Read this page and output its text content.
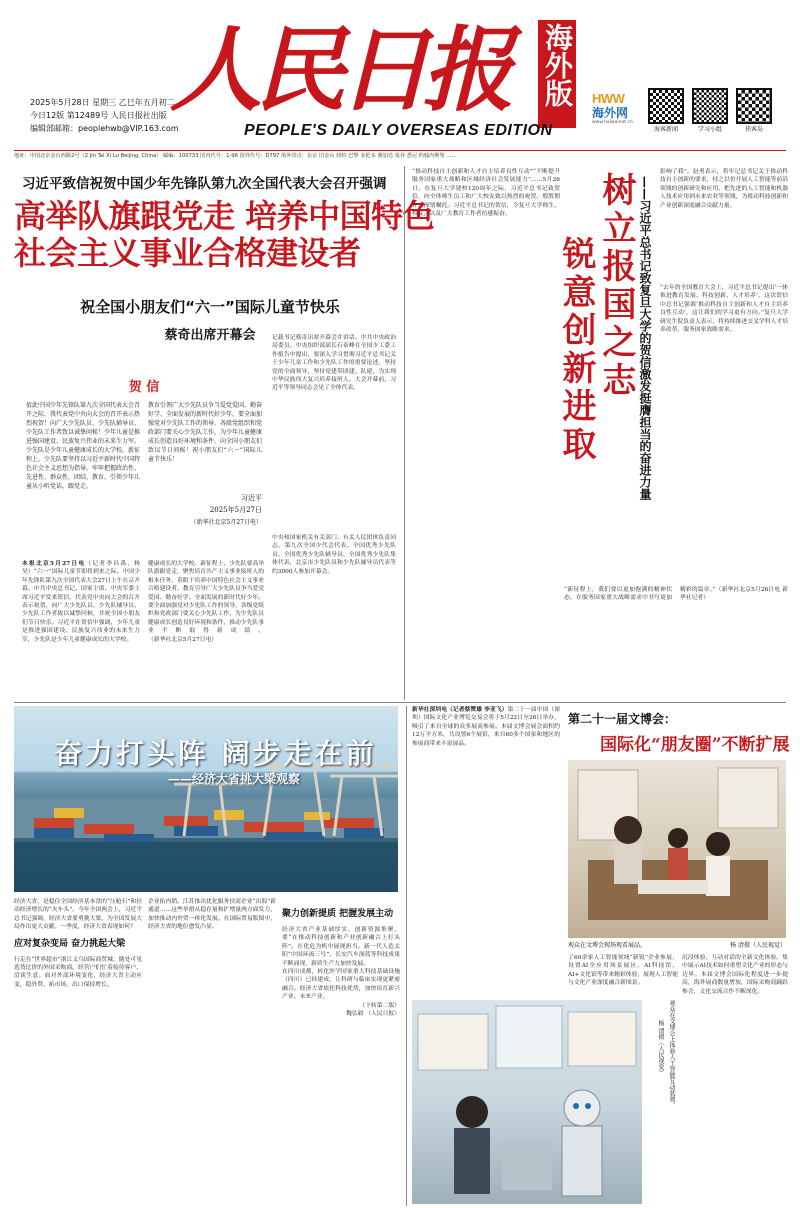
2025年5月28日 星期三 乙巳年五月初二
今日12版 第12489号 人民日报社出版
编辑部邮箱：peoplehwb@VIP.163.com
人民日报 海外版
PEOPLE'S DAILY OVERSEAS EDITION
HWW
海外网
www.haiwainet.cn
海客新闻	学习小组	侠客岛
地址：中国北京金台西路2号（2 Jin Tai Xi Lu Beijing, China） 邮编：100733 国内代号：1-96 国外代号：D797 境外印点：东京 旧金山 纽约 巴黎 多伦多 雅加达 曼谷 悉尼 约翰内斯堡 ……
习近平致信祝贺中国少年先锋队第九次全国代表大会召开强调
高举队旗跟党走 培养中国特色
社会主义事业合格建设者
祝全国小朋友们“六一”国际儿童节快乐
蔡奇出席开幕会
贺 信
值此中国少年先锋队第九次全国代表大会召开之际，我代表党中央向大会的召开表示热烈祝贺！向广大少先队员、少先队辅导员、少先队工作者致以诚挚问候！少年儿童是推进强国建设、民族复兴伟业的未来生力军。少先队是少年儿童健康成长的大学校。新征程上，少先队要坚持以习近平新时代中国特色社会主义思想为指导，牢牢把握政治性、先进性、群众性，团结、教育、引领少年儿童从小听党话、跟党走。
教育引领广大少先队员争当爱党爱国、勤奋好学、全面发展的新时代好少年。要全面加强党对少先队工作的领导，各级党组织和党政部门要关心少先队工作，为少年儿童健康成长创造良好环境和条件。向全国小朋友们致以节日问候！祝小朋友们“六一”国际儿童节快乐！
习近平
2025年5月27日
（新华社北京5月27日电）
本报北京5月27日电（记者李昌禹、杨昊）“六一”国际儿童节即将到来之际，中国少年先锋队第九次全国代表大会27日上午在京开幕。中共中央总书记、国家主席、中央军委主席习近平发来贺信，代表党中央向大会的召开表示祝贺，向广大少先队员、少先队辅导员、少先队工作者致以诚挚问候，并祝全国小朋友们节日快乐。习近平在贺信中强调，少年儿童是推进强国建设、民族复兴伟业的未来生力军，少先队是少年儿童健康成长的大学校。
健康成长的大学校。新征程上，少先队要高举队旗跟党走，聚焦培育共产主义事业接班人的根本任务，着眼于培养中国特色社会主义事业合格建设者，教育引导广大少先队员争当爱党爱国、勤奋好学、全面发展的新时代好少年。要全面加强党对少先队工作的领导，各级党组织和党政部门要关心少先队工作，为少先队员健康成长创造良好环境和条件，推动少先队事业不断取得新成绩。（新华社北京5月27日电）
记载书记蔡奇出席开幕会并讲话。中共中央政治局委员、中央组织部部长石泰峰在全国少工委工作报告中提出，要深入学习贯彻习近平总书记关于少年儿童工作和少先队工作的重要论述，坚持党的全面领导，坚持党建带团建、队建，为实现中华民族伟大复兴培养接班人。大会开幕前，习近平等领导同志会见了全体代表。
中央和国家机关有关部门、有关人民团体负责同志，第九次全国少代会代表、全国优秀少先队员、全国优秀少先队辅导员、全国优秀少先队集体代表，北京市少先队员和少先队辅导员代表等约3000人参加开幕会。
“推动科技自主创新和人才自主培养良性互动”“不断提升服务国家重大战略和区域经济社会发展能力”……5月26日，在复旦大学建校120周年之际，习近平总书记致贺信，向全体师生员工和广大校友致以热烈的祝贺。殷殷期许，深情嘱托。习近平总书记的贺信，令复旦大学师生、校友，以及广大教育工作者倍感振奋。	树立报国之志
锐意创新进取	——习近平总书记致复旦大学的贺信激发挺膺担当的奋进力量
影响了我”。赵勇表示，将牢记总书记关于推动科技自主创新的要求，持之以恒开展人工智能等前沿领域的创新研究和应用，把先进的人工智能和机器人技术应用到未来农业等领域，为推动科技创新和产业创新深度融合贡献力量。
“去年的全国教育大会上，习近平总书记提出‘一体推进教育发展、科技创新、人才培养’，这次贺信中总书记强调‘推动科技自主创新和人才自主培养良性互动’，这让我们的学习更有方向。”复旦大学研究生院负责人表示，将持续推进交叉学科人才培养改革，服务国家战略需求。
“新征程上，我们要以更加饱满的精神状态，在服务国家重大战略需求中书写更加精彩的篇章。”（新华社北京5月26日电 新华社记者）
奋力打头阵 阔步走在前
——经济大省挑大梁观察
经济大省，是稳住全国经济基本盘的“压舱石”和拉动经济增长的“火车头”。今年全国两会上，习近平总书记强调，经济大省要勇挑大梁，为全国发展大局作出更大贡献。一季度，经济大省表现如何？
应对复杂变局 奋力挑起大梁
行走在“世界超市”浙江义乌国际商贸城，随处可见选货比价的外国采购商。经营户们忙着接待客户、洽谈生意。面对外部环境变化，经济大省主动应变，稳外贸、拓市场，出口保持增长。
企业拓内销。江苏推出优化服务扶商企业“出海”新通道……这些举措从稳存量和扩增量两方面发力，加快推动内外贸一体化发展。在国际贸易版图中，经济大省的地位愈发凸显。
聚力创新提质 把握发展主动
经济大省产业基础厚实、创新资源集聚，要“在推动科技创新和产业创新融合上打头阵”。在化危为机中展现担当。新一代人造太阳“中国环流三号”、长安汽车深蓝等科技成果不断涌现，新质生产力加快发展。
在四川成都，转化医学国家重大科技基础设施（四川）已经建成，让科研与临床实现更紧密融合。经济大省依托科技优势，加快培育新兴产业、未来产业。
（下转第二版）
魏弘毅 （人民日报）
新华社深圳电（记者蔡赞雄 李亚飞）第二十一届中国（深圳）国际文化产业博览交易会将于5月22日至26日举办，吸引了来自全球的众多展商参展。本届文博会展会面积约12万平方米，共设置6个展馆，来自60多个国家和地区的参展商带来丰富展品。
第二十一届文博会：
国际化“朋友圈”不断扩展
观众在文博会现场观看展品。	杨 清摄（人民视觉）
了60余家人工智能领域“新锐”企业参展，设置AI全应用场景展区。AI科技馆、AI+文化馆等带来精彩体验，展现人工智能与文化产业深度融合新图景。
沉浸体验、互动对话的全新文化体验。集中展示AI技术如何重塑文化产业的形态与边界。本届文博会国际化程度进一步提高，海外展商数量增加，国际采购商踊跃参会，文化交流合作不断深化。
观众在文博会上体验人工智能互动装置。
杨 清摄（人民视觉）
